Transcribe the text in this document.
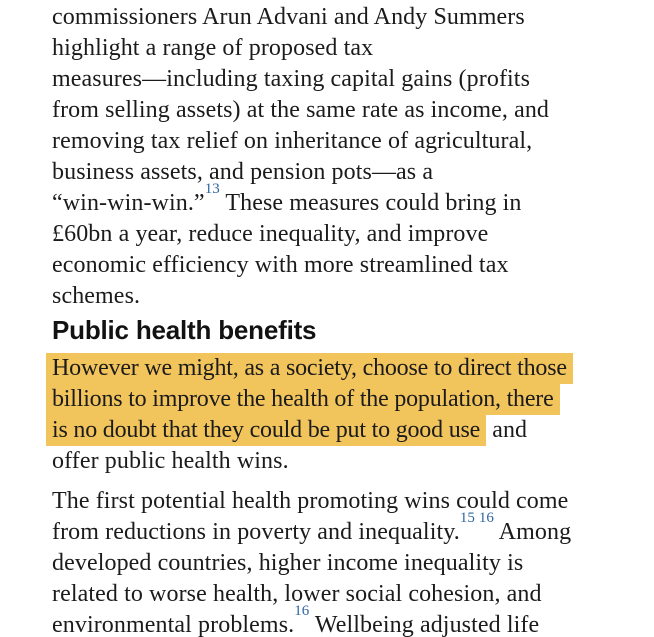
commissioners Arun Advani and Andy Summers
highlight a range of proposed tax
measures—including taxing capital gains (profits
from selling assets) at the same rate as income, and
removing tax relief on inheritance of agricultural,
business assets, and pension pots—as a
“win-win-win.”$^{13}$ These measures could bring in
£60bn a year, reduce inequality, and improve
economic efficiency with more streamlined tax
schemes.

Public health benefits

However we might, as a society, choose to direct those
billions to improve the health of the population, there
is no doubt that they could be put to good use and
offer public health wins.

The first potential health promoting wins could come
from reductions in poverty and inequality.$^{15}$ $^{16}$ Among
developed countries, higher income inequality is
related to worse health, lower social cohesion, and
environmental problems.$^{16}$ Wellbeing adjusted life
